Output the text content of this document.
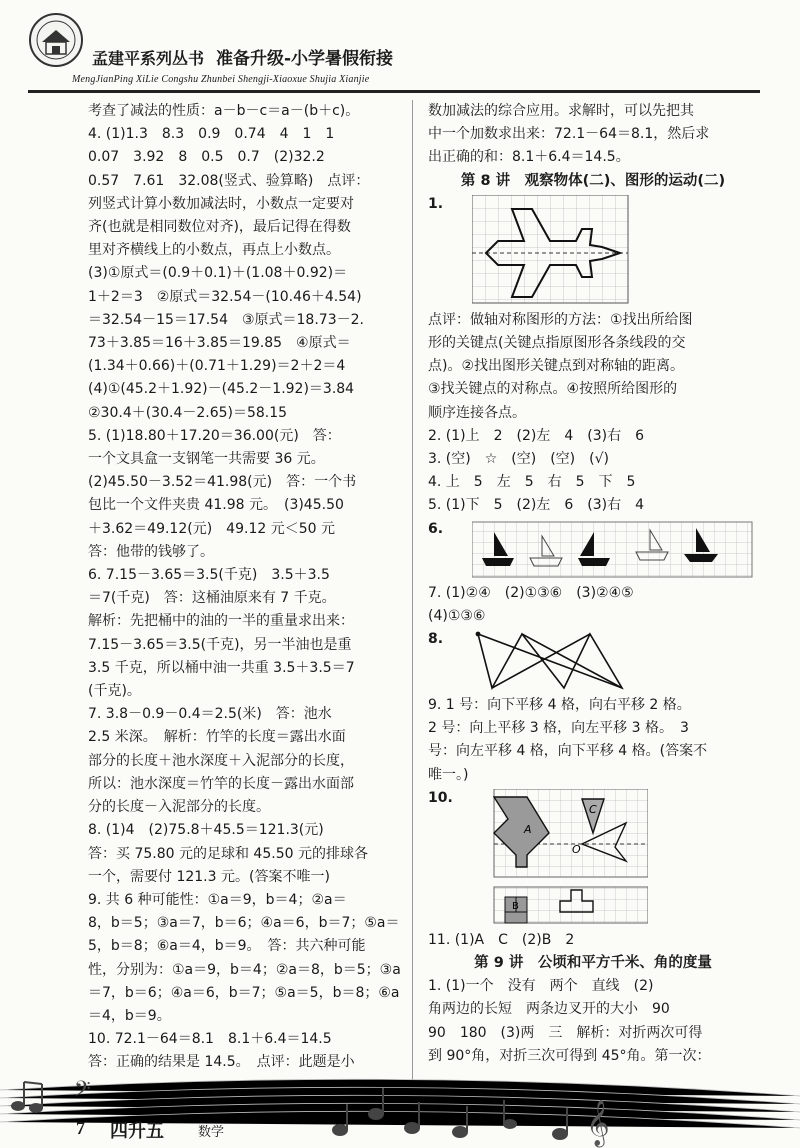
孟建平系列丛书 准备升级-小学暑假衔接
MengJianPing XiLie Congshu Zhunbei Shengji-Xiaoxue Shujia Xianjie

考查了减法的性质：a－b－c＝a－(b＋c)。

4. (1)1.3　8.3　0.9　0.74　4　1　1

0.07　3.92　8　0.5　0.7　(2)32.2

0.57　7.61　32.08(竖式、验算略)　点评：

列竖式计算小数加减法时，小数点一定要对

齐(也就是相同数位对齐)，最后记得在得数

里对齐横线上的小数点，再点上小数点。

(3)①原式＝(0.9＋0.1)＋(1.08＋0.92)＝

1＋2＝3　②原式＝32.54－(10.46＋4.54)

＝32.54－15＝17.54　③原式＝18.73－2.

73＋3.85＝16＋3.85＝19.85　④原式＝

(1.34＋0.66)＋(0.71＋1.29)＝2＋2＝4

(4)①(45.2＋1.92)－(45.2－1.92)＝3.84

②30.4＋(30.4－2.65)＝58.15

5. (1)18.80＋17.20＝36.00(元)　答：

一个文具盒一支钢笔一共需要 36 元。

(2)45.50－3.52＝41.98(元)　答：一个书

包比一个文件夹贵 41.98 元。　(3)45.50

＋3.62＝49.12(元)　49.12 元＜50 元

答：他带的钱够了。

6. 7.15－3.65＝3.5(千克)　3.5＋3.5

＝7(千克)　答：这桶油原来有 7 千克。

解析：先把桶中的油的一半的重量求出来：

7.15－3.65＝3.5(千克)，另一半油也是重

3.5 千克，所以桶中油一共重 3.5＋3.5＝7

(千克)。

7. 3.8－0.9－0.4＝2.5(米)　答：池水

2.5 米深。　解析：竹竿的长度＝露出水面

部分的长度＋池水深度＋入泥部分的长度，

所以：池水深度＝竹竿的长度－露出水面部

分的长度－入泥部分的长度。

8. (1)4　(2)75.8＋45.5＝121.3(元)

答：买 75.80 元的足球和 45.50 元的排球各

一个，需要付 121.3 元。(答案不唯一)

9. 共 6 种可能性：①a＝9，b＝4；②a＝

8，b＝5；③a＝7，b＝6；④a＝6，b＝7；⑤a＝

5，b＝8；⑥a＝4，b＝9。　答：共六种可能

性，分别为：①a＝9，b＝4；②a＝8，b＝5；③a

＝7，b＝6；④a＝6，b＝7；⑤a＝5，b＝8；⑥a

＝4，b＝9。

10. 72.1－64＝8.1　8.1＋6.4＝14.5

答：正确的结果是 14.5。　点评：此题是小

数加减法的综合应用。求解时，可以先把其

中一个加数求出来：72.1－64＝8.1，然后求

出正确的和：8.1＋6.4＝14.5。

第 8 讲　观察物体(二)、图形的运动(二)

1.

点评：做轴对称图形的方法：①找出所给图

形的关键点(关键点指原图形各条线段的交

点)。②找出图形关键点到对称轴的距离。

③找关键点的对称点。④按照所给图形的

顺序连接各点。

2. (1)上　2　(2)左　4　(3)右　6

3. (空)　☆　(空)　(空)　(√)

4. 上　5　左　5　右　5　下　5

5. (1)下　5　(2)左　6　(3)右　4

6.

7. (1)②④　(2)①③⑥　(3)②④⑤

(4)①③⑥

8.

9. 1 号：向下平移 4 格，向右平移 2 格。

2 号：向上平移 3 格，向左平移 3 格。　3

号：向左平移 4 格，向下平移 4 格。(答案不

唯一。)

10.
A
C
O
B

11. (1)A　C　(2)B　2

第 9 讲　公顷和平方千米、角的度量

1. (1)一个　没有　两个　直线　(2)

角两边的长短　两条边叉开的大小　90

90　180　(3)两　三　解析：对折两次可得

到 90°角，对折三次可得到 45°角。第一次：

𝄞
𝄢
7 四升五	数学
